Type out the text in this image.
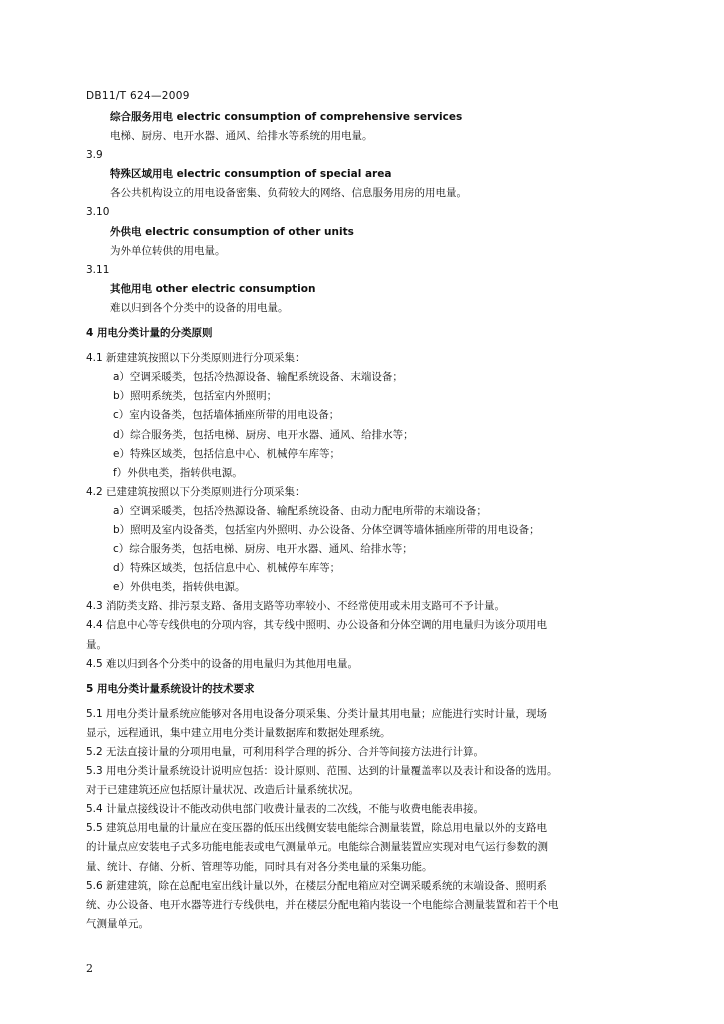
DB11/T 624—2009
综合服务用电 electric consumption of comprehensive services
电梯、厨房、电开水器、通风、给排水等系统的用电量。
3.9
特殊区域用电 electric consumption of special area
各公共机构设立的用电设备密集、负荷较大的网络、信息服务用房的用电量。
3.10
外供电 electric consumption of other units
为外单位转供的用电量。
3.11
其他用电 other electric consumption
难以归到各个分类中的设备的用电量。
4 用电分类计量的分类原则
4.1 新建建筑按照以下分类原则进行分项采集：
a）空调采暖类，包括冷热源设备、输配系统设备、末端设备；
b）照明系统类，包括室内外照明；
c）室内设备类，包括墙体插座所带的用电设备；
d）综合服务类，包括电梯、厨房、电开水器、通风、给排水等；
e）特殊区域类，包括信息中心、机械停车库等；
f）外供电类，指转供电源。
4.2 已建建筑按照以下分类原则进行分项采集：
a）空调采暖类，包括冷热源设备、输配系统设备、由动力配电所带的末端设备；
b）照明及室内设备类，包括室内外照明、办公设备、分体空调等墙体插座所带的用电设备；
c）综合服务类，包括电梯、厨房、电开水器、通风、给排水等；
d）特殊区域类，包括信息中心、机械停车库等；
e）外供电类，指转供电源。
4.3 消防类支路、排污泵支路、备用支路等功率较小、不经常使用或未用支路可不予计量。
4.4 信息中心等专线供电的分项内容，其专线中照明、办公设备和分体空调的用电量归为该分项用电
量。
4.5 难以归到各个分类中的设备的用电量归为其他用电量。
5 用电分类计量系统设计的技术要求
5.1 用电分类计量系统应能够对各用电设备分项采集、分类计量其用电量；应能进行实时计量，现场
显示，远程通讯，集中建立用电分类计量数据库和数据处理系统。
5.2 无法直接计量的分项用电量，可利用科学合理的拆分、合并等间接方法进行计算。
5.3 用电分类计量系统设计说明应包括：设计原则、范围、达到的计量覆盖率以及表计和设备的选用。
对于已建建筑还应包括原计量状况、改造后计量系统状况。
5.4 计量点接线设计不能改动供电部门收费计量表的二次线，不能与收费电能表串接。
5.5 建筑总用电量的计量应在变压器的低压出线侧安装电能综合测量装置，除总用电量以外的支路电
的计量点应安装电子式多功能电能表或电气测量单元。电能综合测量装置应实现对电气运行参数的测
量、统计、存储、分析、管理等功能，同时具有对各分类电量的采集功能。
5.6 新建建筑，除在总配电室出线计量以外，在楼层分配电箱应对空调采暖系统的末端设备、照明系
统、办公设备、电开水器等进行专线供电，并在楼层分配电箱内装设一个电能综合测量装置和若干个电
气测量单元。
2
